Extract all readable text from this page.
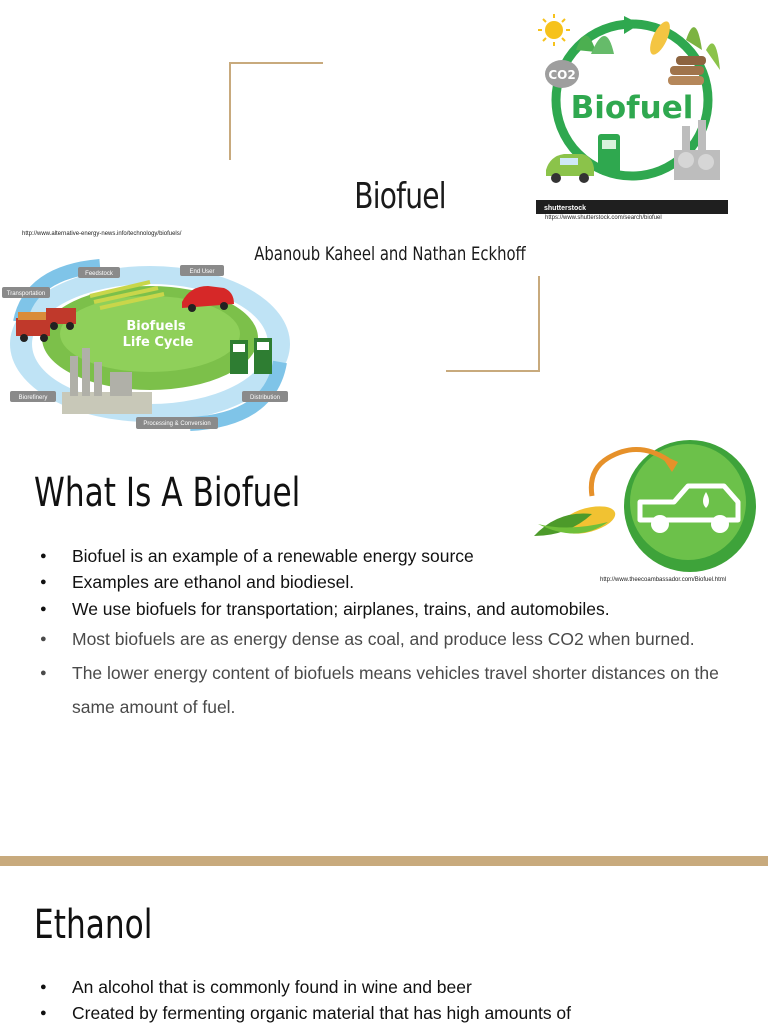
Biofuel
Abanoub Kaheel and Nathan Eckhoff
CO2
Biofuel
shutterstock
https://www.shutterstock.com/search/biofuel
http://www.alternative-energy-news.info/technology/biofuels/
Biofuels
Life Cycle
Feedstock	End User
Transportation
Biorefinery	Distribution
Processing & Conversion
What Is A Biofuel
http://www.theecoambassador.com/Biofuel.html
● Biofuel is an example of a renewable energy source
● Examples are ethanol and biodiesel.
● We use biofuels for transportation; airplanes, trains, and automobiles.
● Most biofuels are as energy dense as coal, and produce less CO2 when burned.
● The lower energy content of biofuels means vehicles travel shorter distances on the same amount of fuel.
Ethanol
● An alcohol that is commonly found in wine and beer
● Created by fermenting organic material that has high amounts of
